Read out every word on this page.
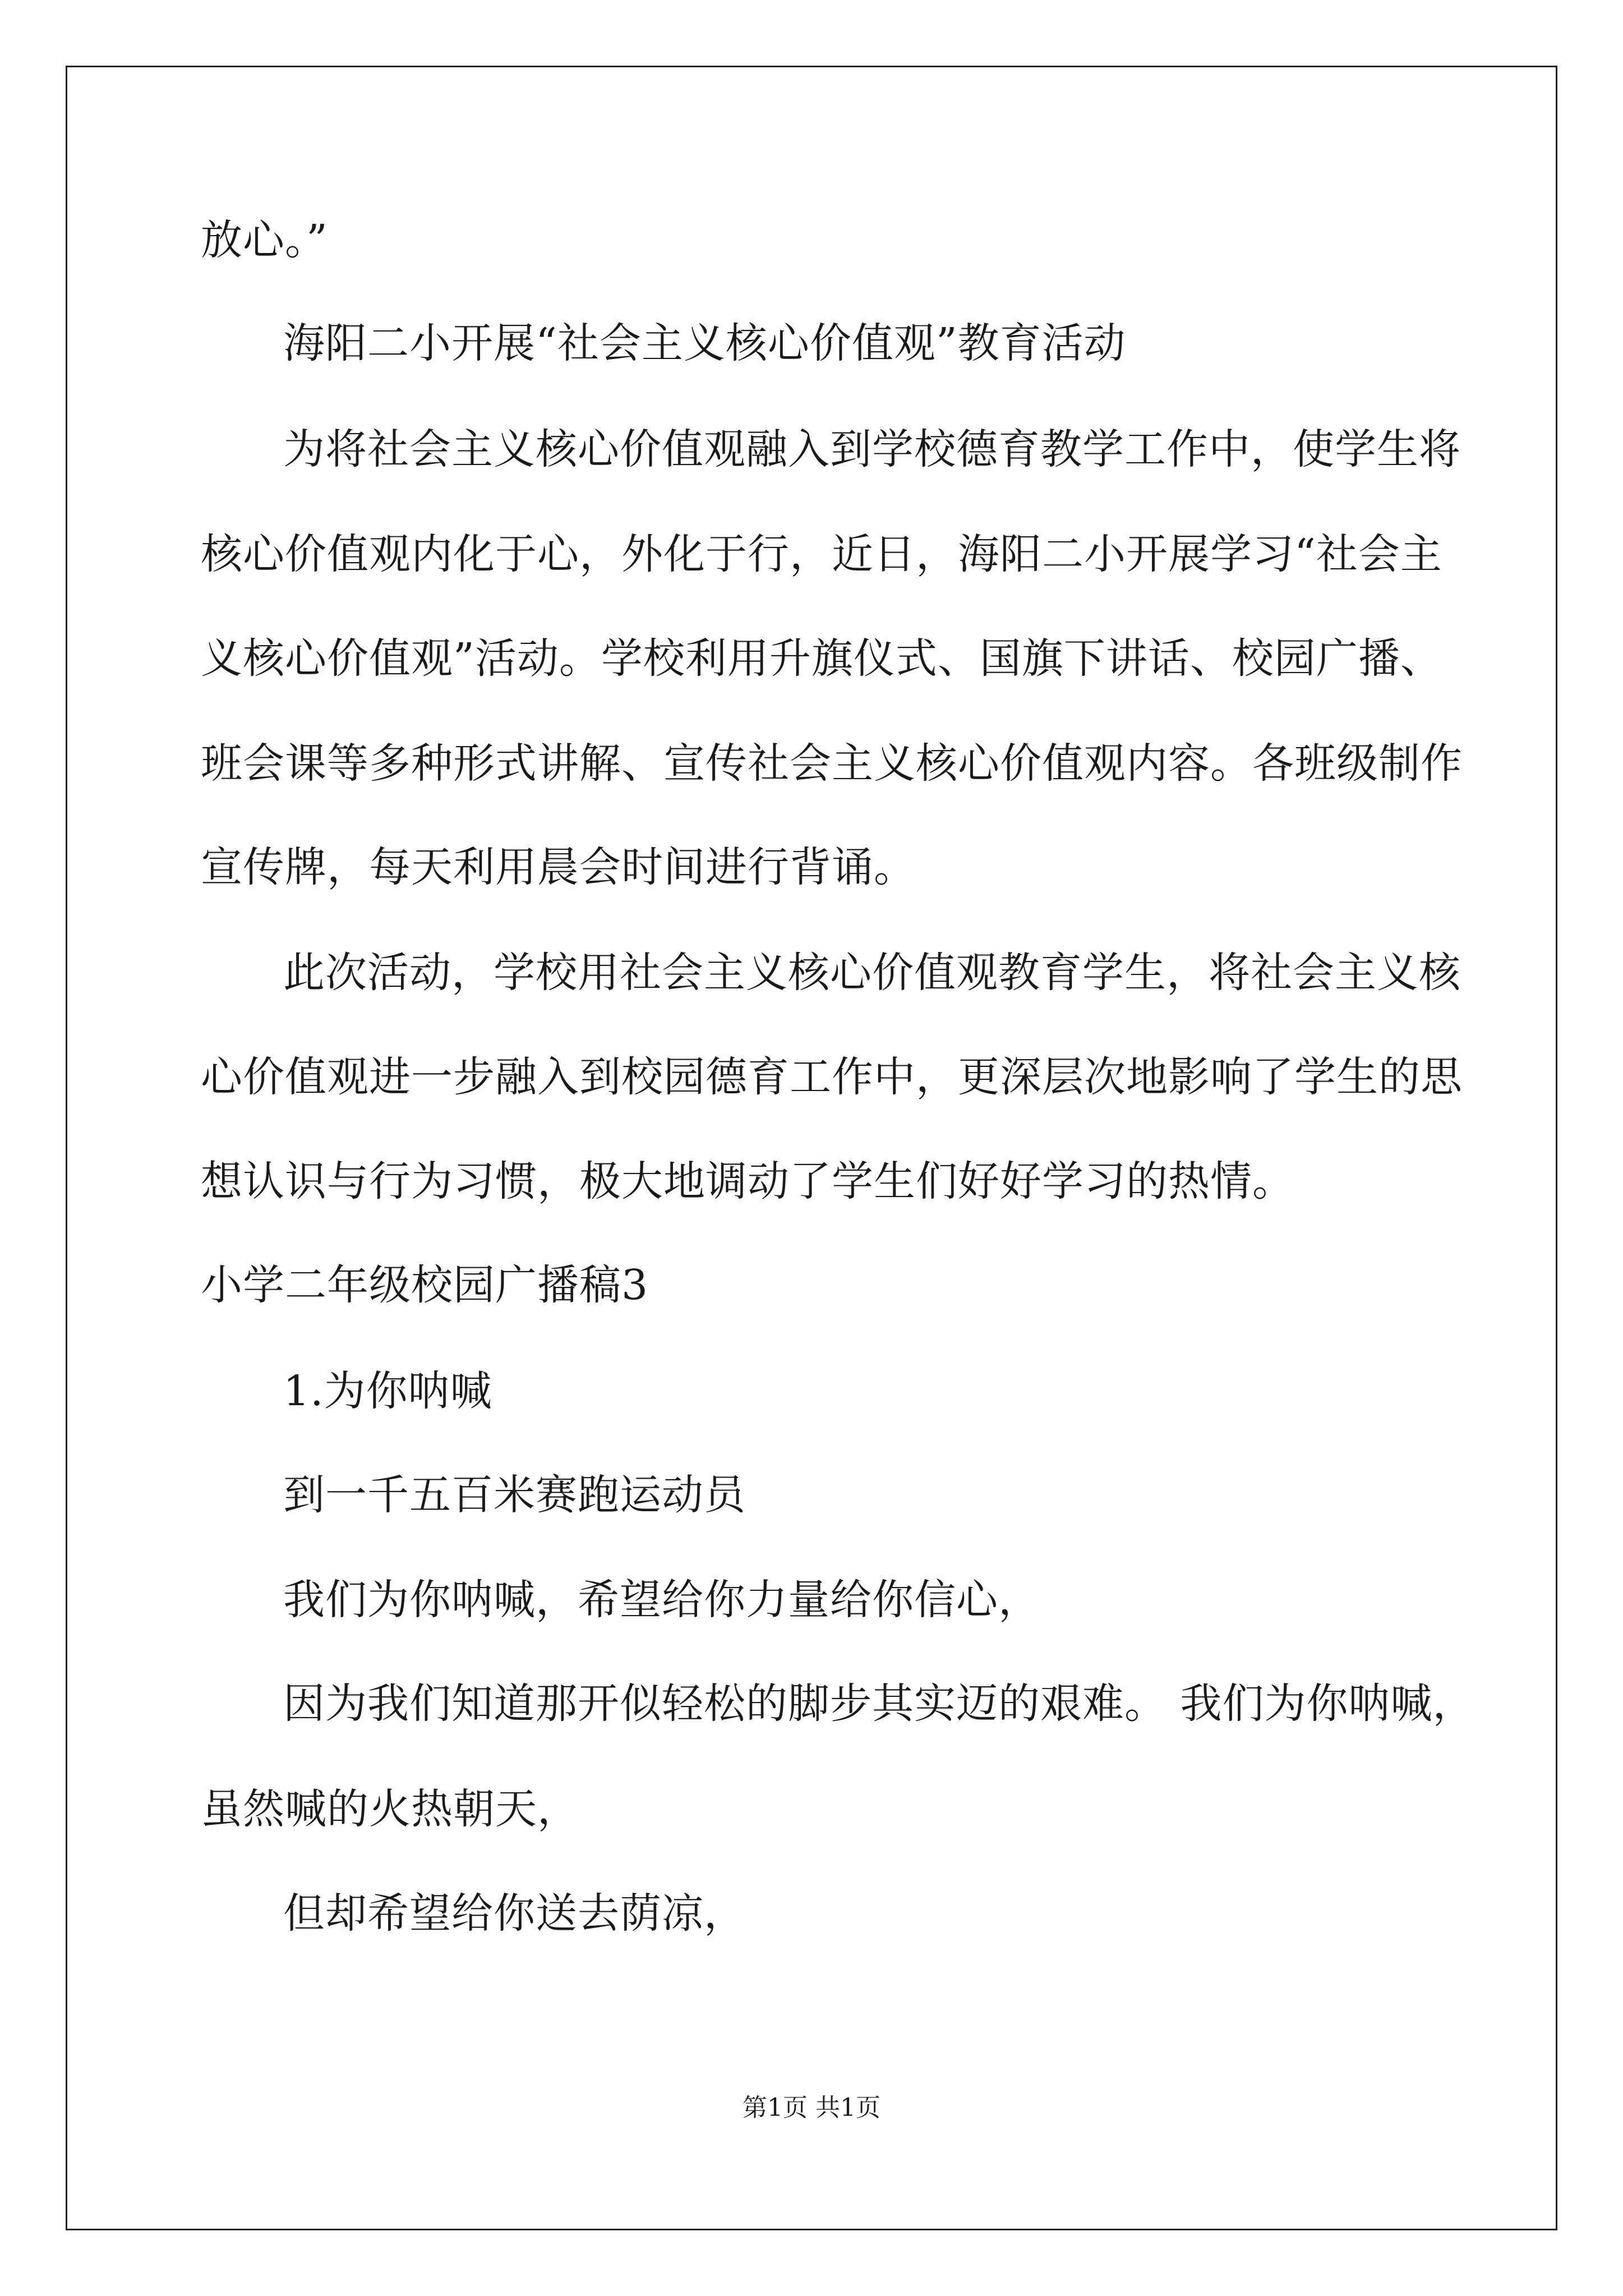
放心。”
海阳二小开展“社会主义核心价值观”教育活动
为将社会主义核心价值观融入到学校德育教学工作中，使学生将
核心价值观内化于心，外化于行，近日，海阳二小开展学习“社会主
义核心价值观”活动。学校利用升旗仪式、国旗下讲话、校园广播、
班会课等多种形式讲解、宣传社会主义核心价值观内容。各班级制作
宣传牌，每天利用晨会时间进行背诵。
此次活动，学校用社会主义核心价值观教育学生，将社会主义核
心价值观进一步融入到校园德育工作中，更深层次地影响了学生的思
想认识与行为习惯，极大地调动了学生们好好学习的热情。
小学二年级校园广播稿3
1.为你呐喊
到一千五百米赛跑运动员
我们为你呐喊，希望给你力量给你信心，
因为我们知道那开似轻松的脚步其实迈的艰难。 我们为你呐喊，
虽然喊的火热朝天，
但却希望给你送去荫凉，
第1页 共1页
